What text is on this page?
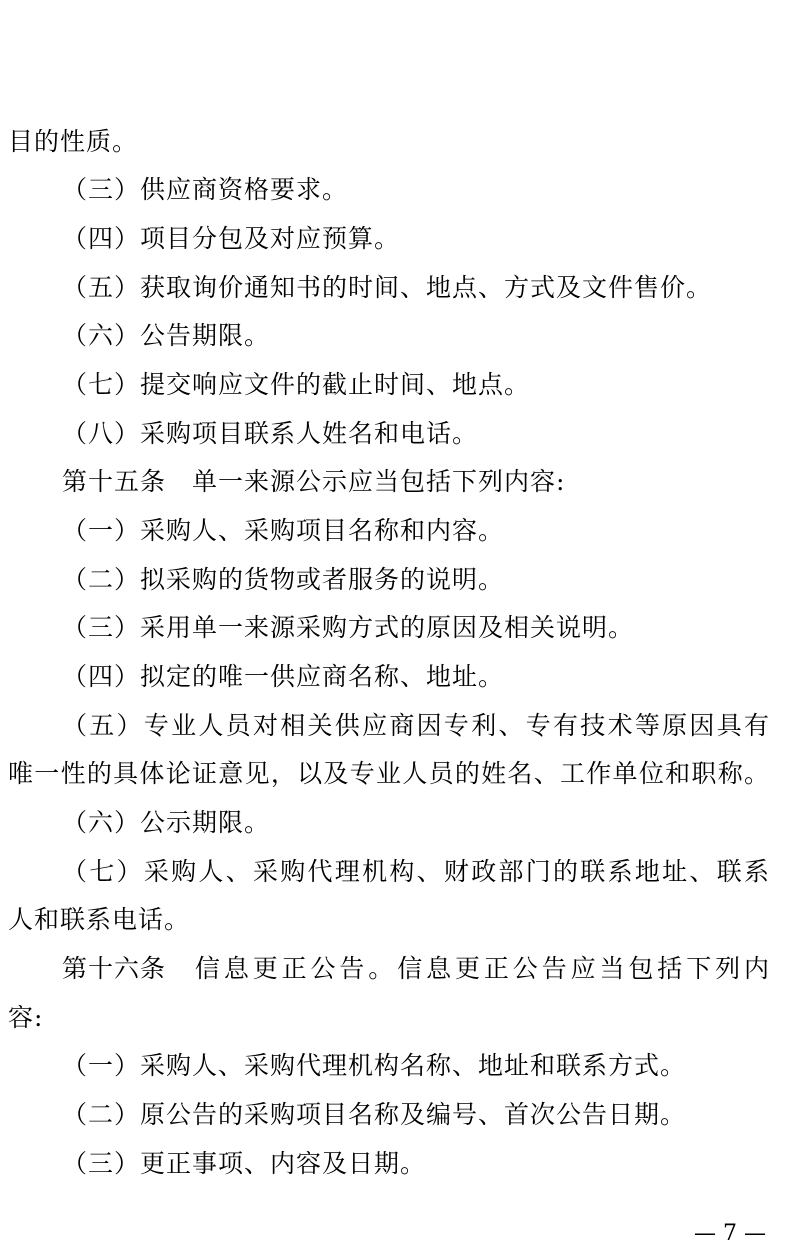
目的性质。
（三）供应商资格要求。
（四）项目分包及对应预算。
（五）获取询价通知书的时间、地点、方式及文件售价。
（六）公告期限。
（七）提交响应文件的截止时间、地点。
（八）采购项目联系人姓名和电话。
第十五条 单一来源公示应当包括下列内容:
（一）采购人、采购项目名称和内容。
（二）拟采购的货物或者服务的说明。
（三）采用单一来源采购方式的原因及相关说明。
（四）拟定的唯一供应商名称、地址。
（五）专业人员对相关供应商因专利、专有技术等原因具有
唯一性的具体论证意见，以及专业人员的姓名、工作单位和职称。
（六）公示期限。
（七）采购人、采购代理机构、财政部门的联系地址、联系
人和联系电话。
第十六条 信息更正公告。信息更正公告应当包括下列内
容:
（一）采购人、采购代理机构名称、地址和联系方式。
（二）原公告的采购项目名称及编号、首次公告日期。
（三）更正事项、内容及日期。
— 7 —
